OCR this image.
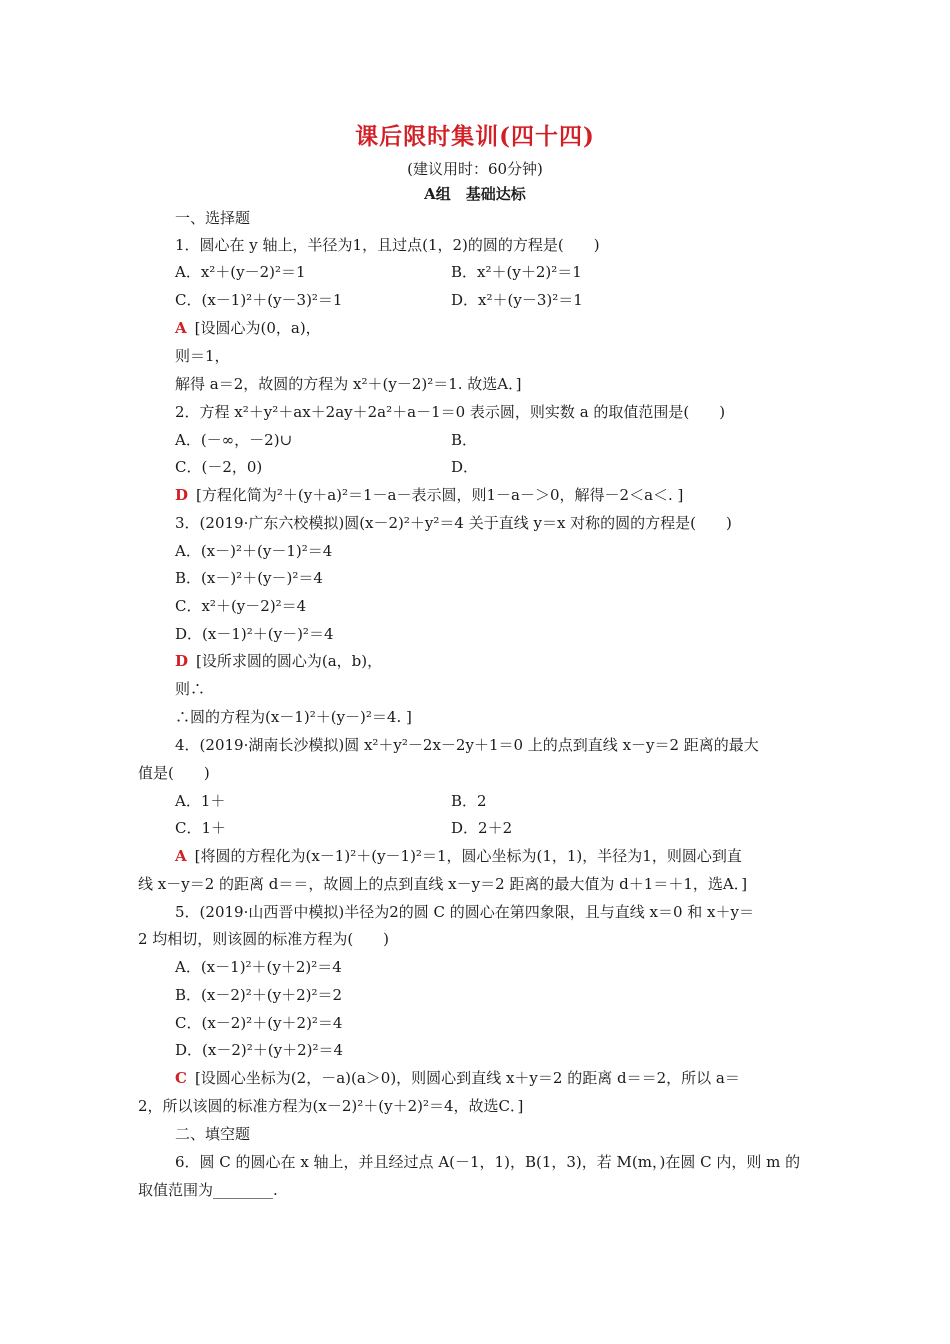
课后限时集训(四十四)
(建议用时：60分钟)
A组　基础达标
一、选择题
1．圆心在 y 轴上，半径为1，且过点(1，2)的圆的方程是(　　)
A．x²＋(y－2)²＝1	B．x²＋(y＋2)²＝1
C．(x－1)²＋(y－3)²＝1	D．x²＋(y－3)²＝1
A [设圆心为(0，a)，
则＝1，
解得 a＝2，故圆的方程为 x²＋(y－2)²＝1. 故选A．]
2．方程 x²＋y²＋ax＋2ay＋2a²＋a－1＝0 表示圆，则实数 a 的取值范围是(　　)
A．(－∞，－2)∪	B．
C．(－2，0)	D．
D [方程化简为²＋(y＋a)²＝1－a－表示圆，则1－a－＞0，解得－2＜a＜. ]
3．(2019·广东六校模拟)圆(x－2)²＋y²＝4 关于直线 y＝x 对称的圆的方程是(　　)
A．(x－)²＋(y－1)²＝4
B．(x－)²＋(y－)²＝4
C．x²＋(y－2)²＝4
D．(x－1)²＋(y－)²＝4
D [设所求圆的圆心为(a，b)，
则∴
∴圆的方程为(x－1)²＋(y－)²＝4. ]
4．(2019·湖南长沙模拟)圆 x²＋y²－2x－2y＋1＝0 上的点到直线 x－y＝2 距离的最大
值是(　　)
A．1＋	B．2
C．1＋	D．2＋2
A [将圆的方程化为(x－1)²＋(y－1)²＝1，圆心坐标为(1，1)，半径为1，则圆心到直
线 x－y＝2 的距离 d＝＝，故圆上的点到直线 x－y＝2 距离的最大值为 d＋1＝＋1，选A．]
5．(2019·山西晋中模拟)半径为2的圆 C 的圆心在第四象限，且与直线 x＝0 和 x＋y＝
2 均相切，则该圆的标准方程为(　　)
A．(x－1)²＋(y＋2)²＝4
B．(x－2)²＋(y＋2)²＝2
C．(x－2)²＋(y＋2)²＝4
D．(x－2)²＋(y＋2)²＝4
C [设圆心坐标为(2，－a)(a＞0)，则圆心到直线 x＋y＝2 的距离 d＝＝2，所以 a＝
2，所以该圆的标准方程为(x－2)²＋(y＋2)²＝4，故选C．]
二、填空题
6．圆 C 的圆心在 x 轴上，并且经过点 A(－1，1)，B(1，3)，若 M(m，)在圆 C 内，则 m 的
取值范围为________.
